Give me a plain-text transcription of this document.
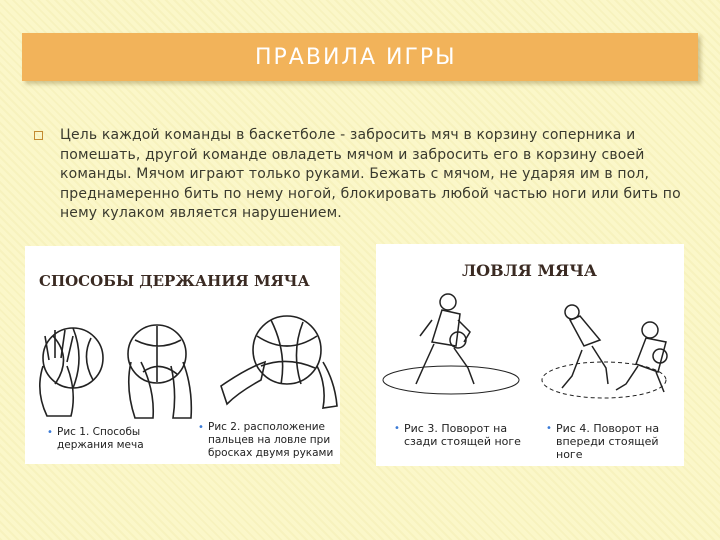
ПРАВИЛА ИГРЫ
Цель каждой команды в баскетболе - забросить мяч в корзину соперника и помешать, другой команде овладеть мячом и забросить его в корзину своей команды. Мячом играют только руками. Бежать с мячом, не ударяя им в пол, преднамеренно бить по нему ногой, блокировать любой частью ноги или бить по нему кулаком является нарушением.
СПОСОБЫ ДЕРЖАНИЯ МЯЧА
• Рис 1. Способы держания меча
• Рис 2. расположение пальцев на ловле при бросках двумя руками
ЛОВЛЯ МЯЧА
• Рис 3. Поворот на сзади стоящей ноге
• Рис 4. Поворот на впереди стоящей ноге
